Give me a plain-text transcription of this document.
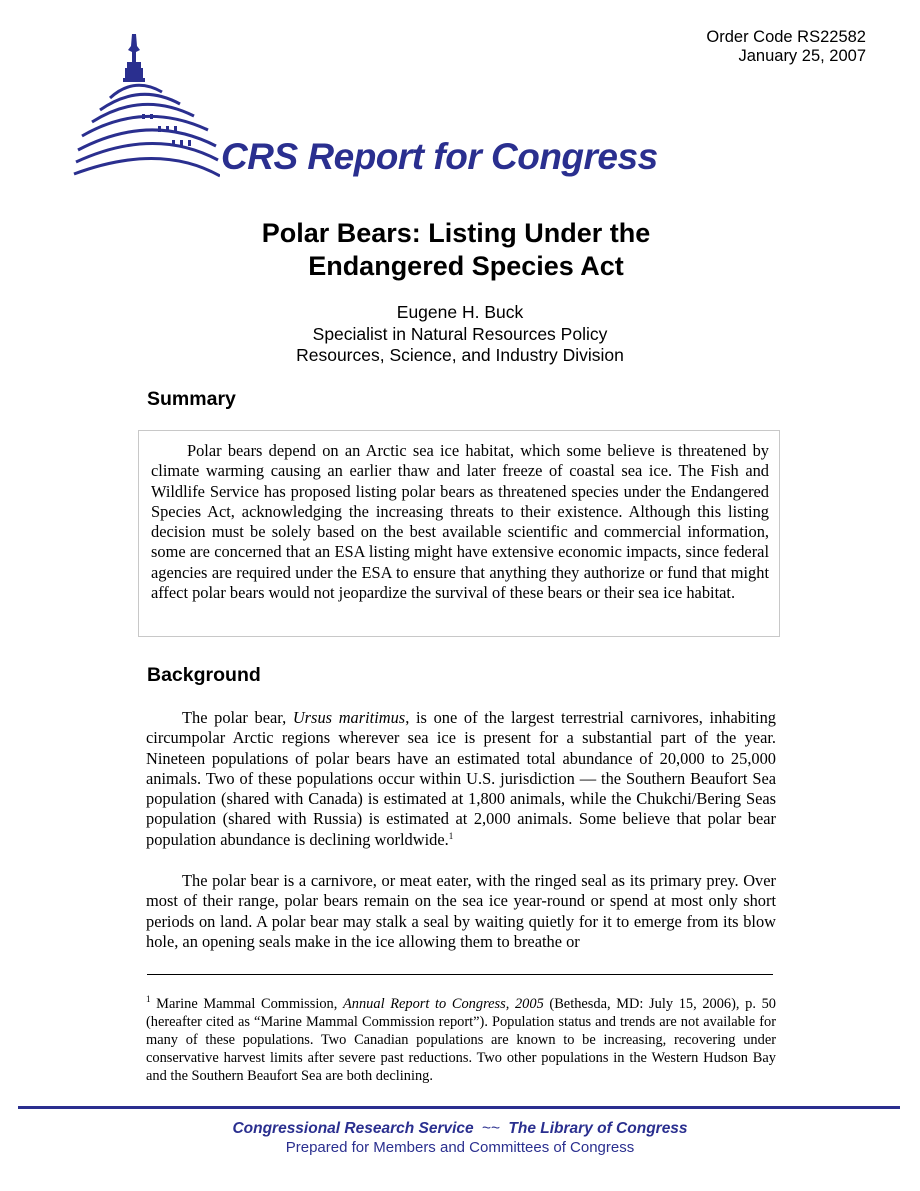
Order Code RS22582
January 25, 2007
CRS Report for Congress
Polar Bears: Listing Under the
Endangered Species Act
Eugene H. Buck
Specialist in Natural Resources Policy
Resources, Science, and Industry Division
Summary

Polar bears depend on an Arctic sea ice habitat, which some believe is threatened by climate warming causing an earlier thaw and later freeze of coastal sea ice. The Fish and Wildlife Service has proposed listing polar bears as threatened species under the Endangered Species Act, acknowledging the increasing threats to their existence. Although this listing decision must be solely based on the best available scientific and commercial information, some are concerned that an ESA listing might have extensive economic impacts, since federal agencies are required under the ESA to ensure that anything they authorize or fund that might affect polar bears would not jeopardize the survival of these bears or their sea ice habitat.

Background

The polar bear, Ursus maritimus, is one of the largest terrestrial carnivores, inhabiting circumpolar Arctic regions wherever sea ice is present for a substantial part of the year. Nineteen populations of polar bears have an estimated total abundance of 20,000 to 25,000 animals. Two of these populations occur within U.S. jurisdiction — the Southern Beaufort Sea population (shared with Canada) is estimated at 1,800 animals, while the Chukchi/Bering Seas population (shared with Russia) is estimated at 2,000 animals. Some believe that polar bear population abundance is declining worldwide.$^1$

The polar bear is a carnivore, or meat eater, with the ringed seal as its primary prey. Over most of their range, polar bears remain on the sea ice year-round or spend at most only short periods on land. A polar bear may stalk a seal by waiting quietly for it to emerge from its blow hole, an opening seals make in the ice allowing them to breathe or

$^1$ Marine Mammal Commission, Annual Report to Congress, 2005 (Bethesda, MD: July 15, 2006), p. 50 (hereafter cited as “Marine Mammal Commission report”). Population status and trends are not available for many of these populations. Two Canadian populations are known to be increasing, recovering under conservative harvest limits after severe past reductions. Two other populations in the Western Hudson Bay and the Southern Beaufort Sea are both declining.

Congressional Research Service ~~ The Library of Congress
Prepared for Members and Committees of Congress
